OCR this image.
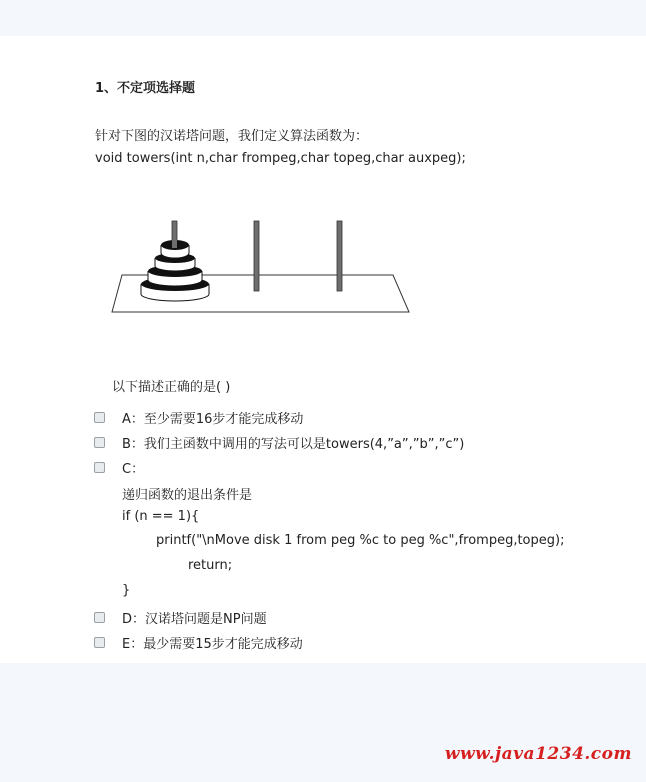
1、不定项选择题
针对下图的汉诺塔问题，我们定义算法函数为：
void towers(int n,char frompeg,char topeg,char auxpeg);
以下描述正确的是( )
A：至少需要16步才能完成移动
B：我们主函数中调用的写法可以是towers(4,”a”,”b”,”c”)
C：
递归函数的退出条件是
if (n == 1){
printf("\nMove disk 1 from peg %c to peg %c",frompeg,topeg);
return;
}
D：汉诺塔问题是NP问题
E：最少需要15步才能完成移动
www.java1234.com
